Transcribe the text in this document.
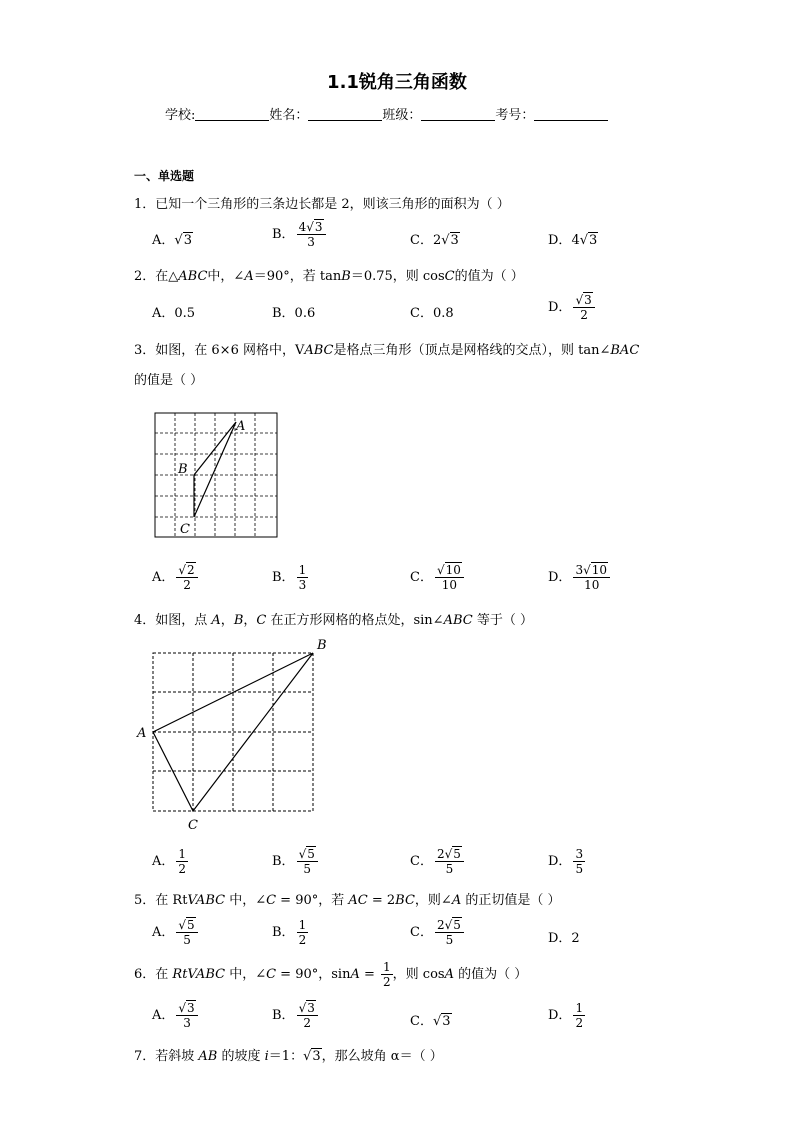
1.1锐角三角函数
学校:	姓名：	班级：	考号：
一、单选题
1．已知一个三角形的三条边长都是 2，则该三角形的面积为（ ）
A．√3	B． $\frac{4√3}{3}$	C．2√3	D．4√3
2．在△ABC中，∠A＝90°，若 tanB＝0.75，则 cosC的值为（ ）
A．0.5	B．0.6	C．0.8	D． $\frac{√3}{2}$
3．如图，在 6×6 网格中，VABC是格点三角形（顶点是网格线的交点），则 tan∠BAC
的值是（ ）
A
B
C
A． $\frac{√2}{2}$	B． $\frac{1}{3}$	C． $\frac{√10}{10}$	D． $\frac{3√10}{10}$
4．如图，点 A，B，C 在正方形网格的格点处，sin∠ABC 等于（ ）
B
A
C
A． $\frac{1}{2}$	B． $\frac{√5}{5}$	C． $\frac{2√5}{5}$	D． $\frac{3}{5}$
5．在 RtVABC 中，∠C = 90°，若 AC = 2BC，则∠A 的正切值是（ ）
A． $\frac{√5}{5}$	B． $\frac{1}{2}$	C． $\frac{2√5}{5}$	D．2
6．在 RtVABC 中，∠C = 90°，$\sin A = \frac{1}{2}$ ，则 cosA 的值为（ ）
A． $\frac{√3}{3}$	B． $\frac{√3}{2}$	C．√3	D． $\frac{1}{2}$
7．若斜坡 AB 的坡度 i＝1：√3，那么坡角 α＝（ ）
